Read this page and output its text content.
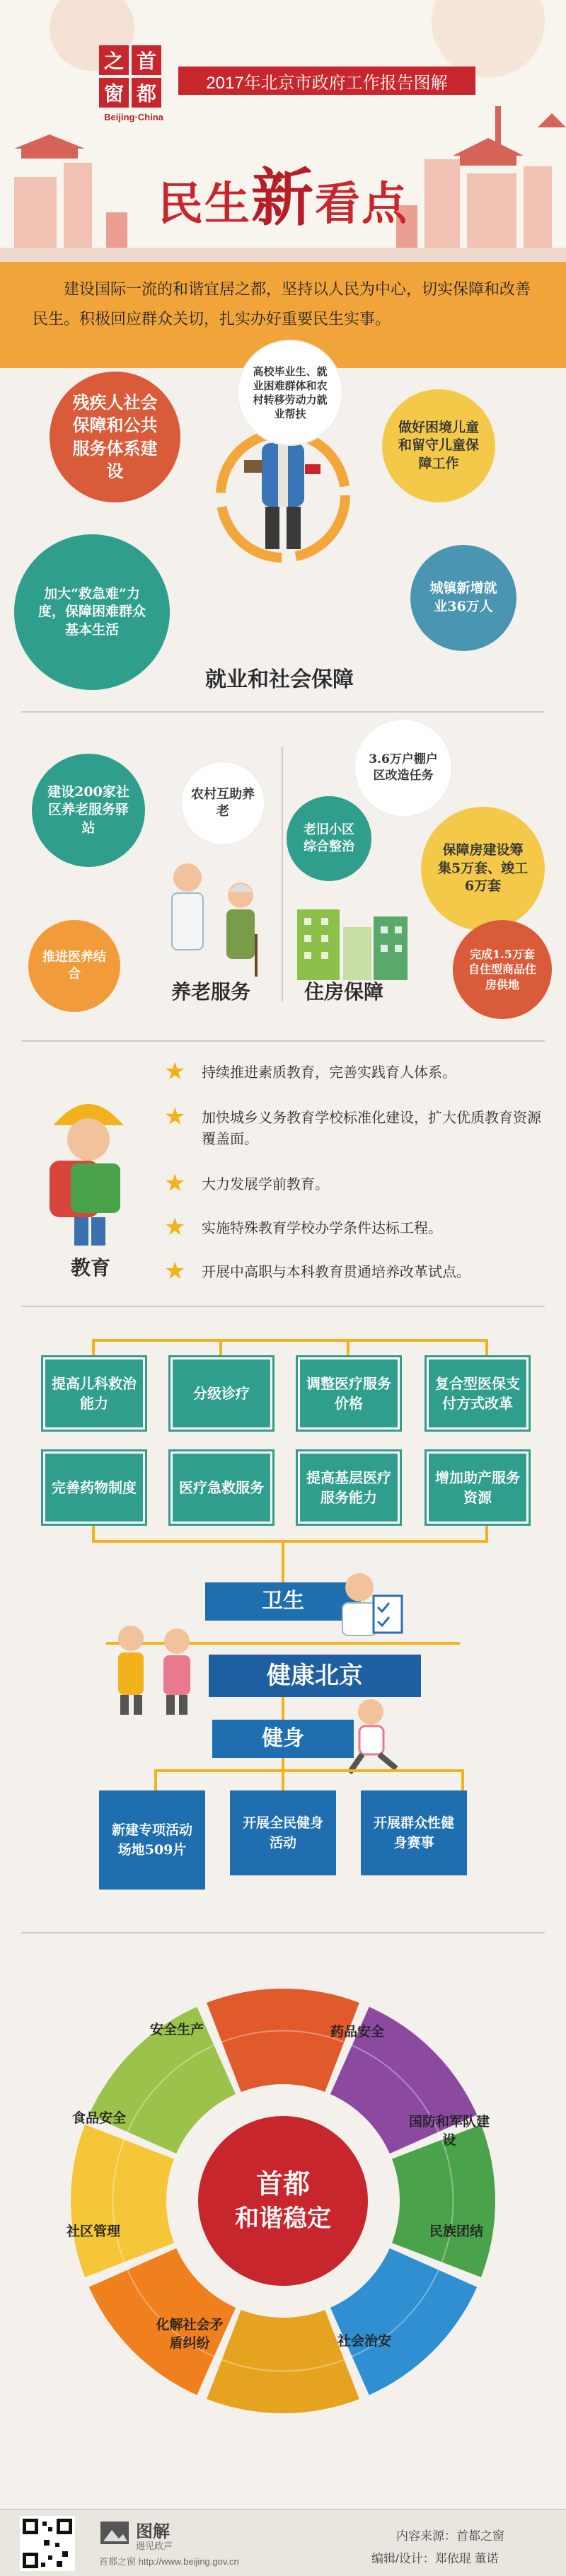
之 首
窗 都
Beijing·China
2017年北京市政府工作报告图解
民生新看点
建设国际一流的和谐宜居之都，坚持以人民为中心，切实保障和改善民生。积极回应群众关切，扎实办好重要民生实事。
残疾人社会保障和公共服务体系建设
高校毕业生、就业困难群体和农村转移劳动力就业帮扶
做好困境儿童和留守儿童保障工作
加大“救急难”力度，保障困难群众基本生活
城镇新增就业36万人
就业和社会保障
建设200家社区养老服务驿站
农村互助养老
推进医养结合
养老服务
3.6万户棚户区改造任务
老旧小区综合整治	保障房建设筹集5万套、竣工6万套
完成1.5万套自住型商品住房供地
住房保障
教育
★ 持续推进素质教育，完善实践育人体系。
★ 加快城乡义务教育学校标准化建设，扩大优质教育资源覆盖面。
★ 大力发展学前教育。
★ 实施特殊教育学校办学条件达标工程。
★ 开展中高职与本科教育贯通培养改革试点。
提高儿科救治能力
分级诊疗
调整医疗服务价格
复合型医保支付方式改革
完善药物制度	医疗急救服务
提高基层医疗服务能力
增加助产服务资源
卫生
健康北京
健身
新建专项活动场地509片
开展全民健身活动
开展群众性健身赛事
安全生产	药品安全
国防和军队建设
民族团结
社会治安
化解社会矛盾纠纷
社区管理
食品安全
首都
和谐稳定
图解
遇见政声
首都之窗 http://www.beijing.gov.cn
内容来源：首都之窗
编辑/设计：郑依琨 董诺
